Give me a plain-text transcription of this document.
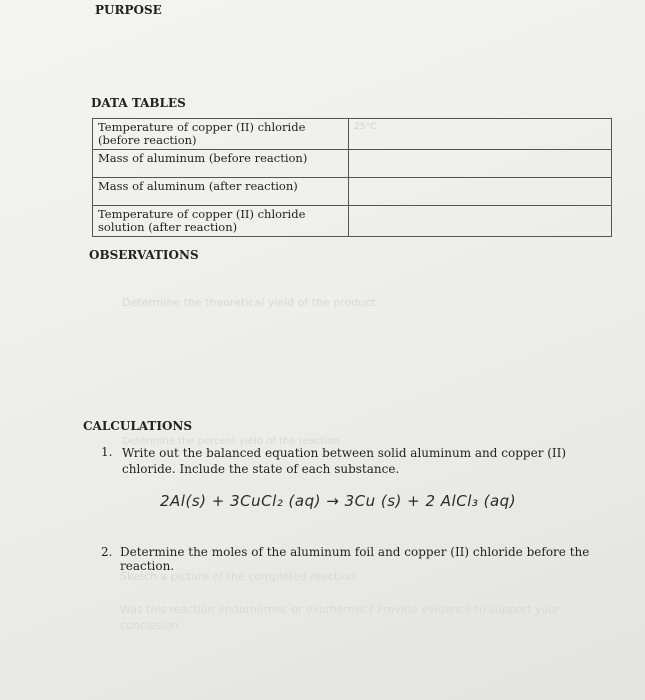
PURPOSE
DATA TABLES
Temperature of copper (II) chloride (before reaction)	25°C
Mass of aluminum (before reaction)	
Mass of aluminum (after reaction)	
Temperature of copper (II) chloride solution (after reaction)	
OBSERVATIONS
Determine the theoretical yield of the product
CALCULATIONS
Determine the percent yield of the reaction
1. Write out the balanced equation between solid aluminum and copper (II) chloride. Include the state of each substance.
2Al(s) + 3CuCl₂ (aq) → 3Cu (s) + 2 AlCl₃ (aq)
2. Determine the moles of the aluminum foil and copper (II) chloride before the reaction.
Sketch a picture of the completed reaction
Was this reaction endothermic or exothermic? Provide evidence to support your conclusion.
